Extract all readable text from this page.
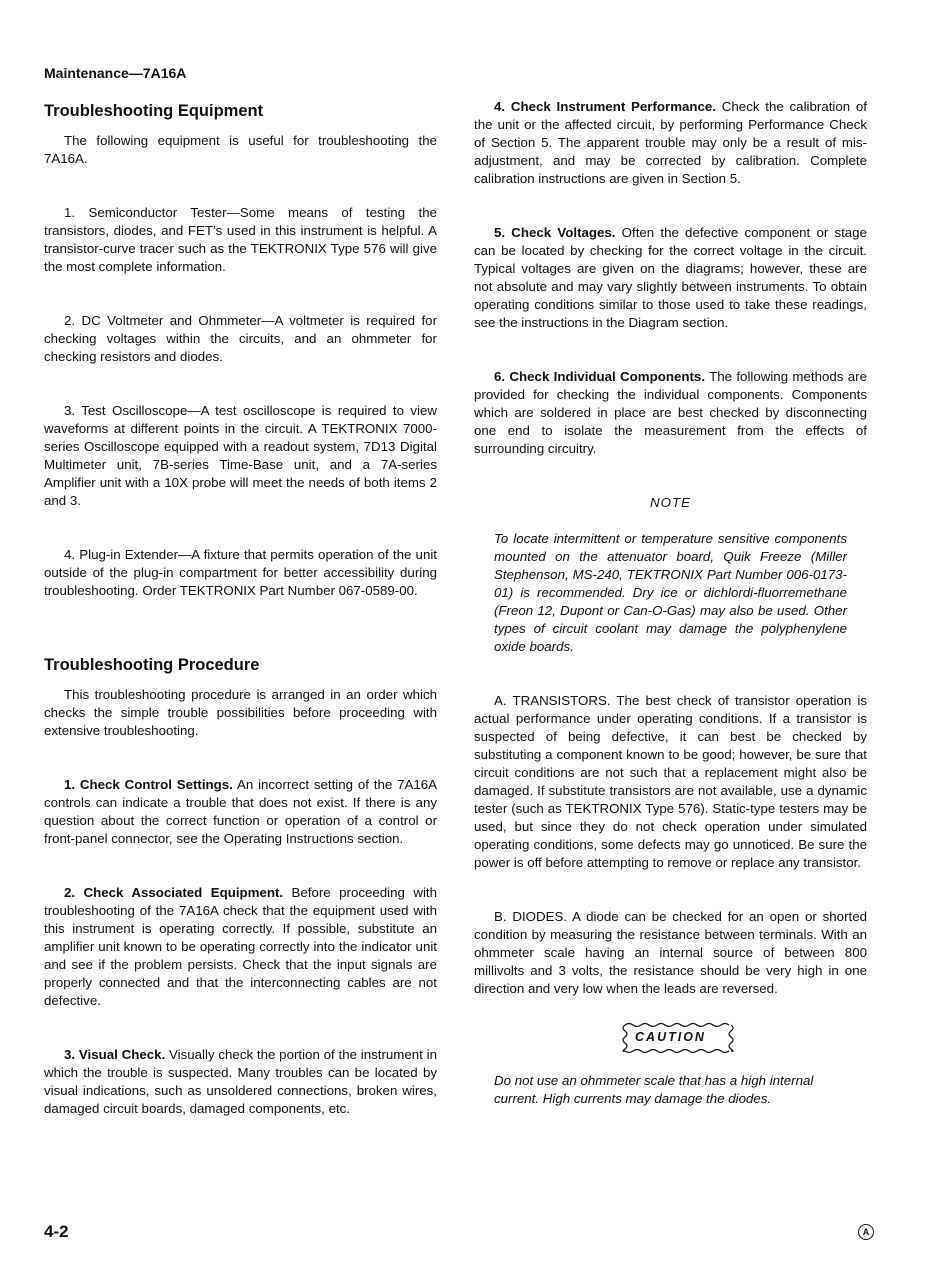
Maintenance—7A16A
Troubleshooting Equipment

The following equipment is useful for troubleshooting the 7A16A.

1. Semiconductor Tester—Some means of testing the transistors, diodes, and FET’s used in this instrument is helpful. A transistor-curve tracer such as the TEKTRONIX Type 576 will give the most complete information.

2. DC Voltmeter and Ohmmeter—A voltmeter is required for checking voltages within the circuits, and an ohmmeter for checking resistors and diodes.

3. Test Oscilloscope—A test oscilloscope is required to view waveforms at different points in the circuit. A TEKTRONIX 7000-series Oscilloscope equipped with a readout system, 7D13 Digital Multimeter unit, 7B-series Time-Base unit, and a 7A-series Amplifier unit with a 10X probe will meet the needs of both items 2 and 3.

4. Plug-in Extender—A fixture that permits operation of the unit outside of the plug-in compartment for better accessibility during troubleshooting. Order TEKTRONIX Part Number 067-0589-00.

Troubleshooting Procedure

This troubleshooting procedure is arranged in an order which checks the simple trouble possibilities before proceeding with extensive troubleshooting.

1. Check Control Settings. An incorrect setting of the 7A16A controls can indicate a trouble that does not exist. If there is any question about the correct function or operation of a control or front-panel connector, see the Operating Instructions section.

2. Check Associated Equipment. Before proceeding with troubleshooting of the 7A16A check that the equipment used with this instrument is operating correctly. If possible, substitute an amplifier unit known to be operating correctly into the indicator unit and see if the problem persists. Check that the input signals are properly connected and that the interconnecting cables are not defective.

3. Visual Check. Visually check the portion of the instrument in which the trouble is suspected. Many troubles can be located by visual indications, such as unsoldered connections, broken wires, damaged circuit boards, damaged components, etc.

4. Check Instrument Performance. Check the calibration of the unit or the affected circuit, by performing Performance Check of Section 5. The apparent trouble may only be a result of mis-adjustment, and may be corrected by calibration. Complete calibration instructions are given in Section 5.

5. Check Voltages. Often the defective component or stage can be located by checking for the correct voltage in the circuit. Typical voltages are given on the diagrams; however, these are not absolute and may vary slightly between instruments. To obtain operating conditions similar to those used to take these readings, see the instructions in the Diagram section.

6. Check Individual Components. The following methods are provided for checking the individual components. Components which are soldered in place are best checked by disconnecting one end to isolate the measurement from the effects of surrounding circuitry.

NOTE

To locate intermittent or temperature sensitive components mounted on the attenuator board, Quik Freeze (Miller Stephenson, MS-240, TEKTRONIX Part Number 006-0173-01) is recommended. Dry ice or dichlordi-fluorremethane (Freon 12, Dupont or Can-O-Gas) may also be used. Other types of circuit coolant may damage the polyphenylene oxide boards.

A. TRANSISTORS. The best check of transistor operation is actual performance under operating conditions. If a transistor is suspected of being defective, it can best be checked by substituting a component known to be good; however, be sure that circuit conditions are not such that a replacement might also be damaged. If substitute transistors are not available, use a dynamic tester (such as TEKTRONIX Type 576). Static-type testers may be used, but since they do not check operation under simulated operating conditions, some defects may go unnoticed. Be sure the power is off before attempting to remove or replace any transistor.

B. DIODES. A diode can be checked for an open or shorted condition by measuring the resistance between terminals. With an ohmmeter scale having an internal source of between 800 millivolts and 3 volts, the resistance should be very high in one direction and very low when the leads are reversed.

CAUTION

Do not use an ohmmeter scale that has a high internal current. High currents may damage the diodes.

4-2	A
